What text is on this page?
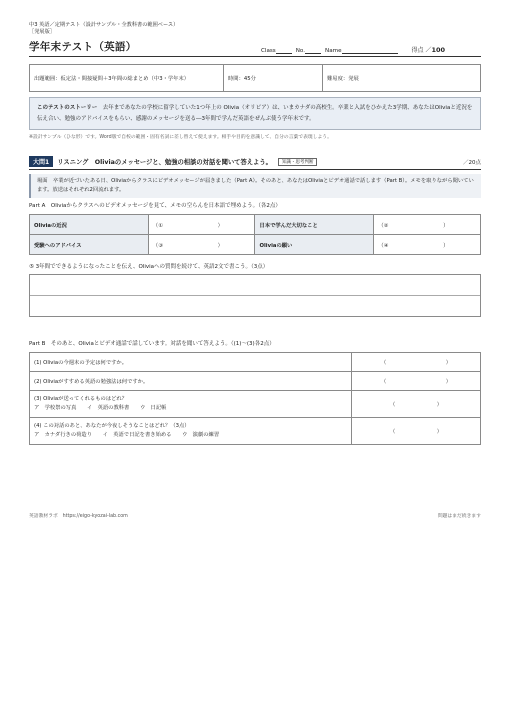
中3 英語／定期テスト（設計サンプル・全教科書の範囲ベース）
［発展版］
学年末テスト（英語）	Class	No.	Name	得点 ／ 100
出題範囲：仮定法・間接疑問＋3年間の総まとめ（中3・学年末）	時間：45分	難易度：発展
このテストのストーリー　去年まであなたの学校に留学していた1つ年上の Olivia（オリビア）は、いまカナダの高校生。卒業と入試をひかえた3学期、あなたはOliviaと近況を伝え合い、勉強のアドバイスをもらい、感謝のメッセージを送る―3年間で学んだ英語をぜんぶ使う学年末です。
※設計サンプル（ひな形）です。Word版で自校の範囲・固有名詞に差し替えて使えます。相手や目的を意識して、自分の言葉で表現しよう。
大問1	リスニング　Oliviaのメッセージと、勉強の相談の対話を聞いて答えよう。	知識・思考判断	／20点
場面　卒業が近づいたある日、Oliviaからクラスにビデオメッセージが届きました（Part A）。そのあと、あなたはOliviaとビデオ通話で話します（Part B）。メモを取りながら聞いています。放送はそれぞれ2回流れます。
Part A　Oliviaからクラスへのビデオメッセージを見て、メモの空らんを日本語で埋めよう。（各2点）
Oliviaの近況	（① ）	日本で学んだ大切なこと	（② ）

受験へのアドバイス	（③ ）	Oliviaの願い	（④ ）
⑤ 3年間でできるようになったことを伝え、Oliviaへの質問を続けて、英語2文で書こう。（3点）
Part B　そのあと、Oliviaとビデオ通話で話しています。対話を聞いて答えよう。（(1)〜(3)各2点）
(1) Oliviaの今週末の予定は何ですか。	（ ）

(2) Oliviaがすすめる英語の勉強法は何ですか。	（ ）

(3) Oliviaが送ってくれるものはどれ？
ア　学校祭の写真　　イ　英語の教科書　　ウ　日記帳	（ ）

(4) この対話のあと、あなたが今夜しそうなことはどれ？（3点）
ア　カナダ行きの荷造り　　イ　英語で日記を書き始める　　ウ　演劇の練習	（ ）
英語教材ラボ　https://eigo-kyozai-lab.com	問題はまだ続きます
